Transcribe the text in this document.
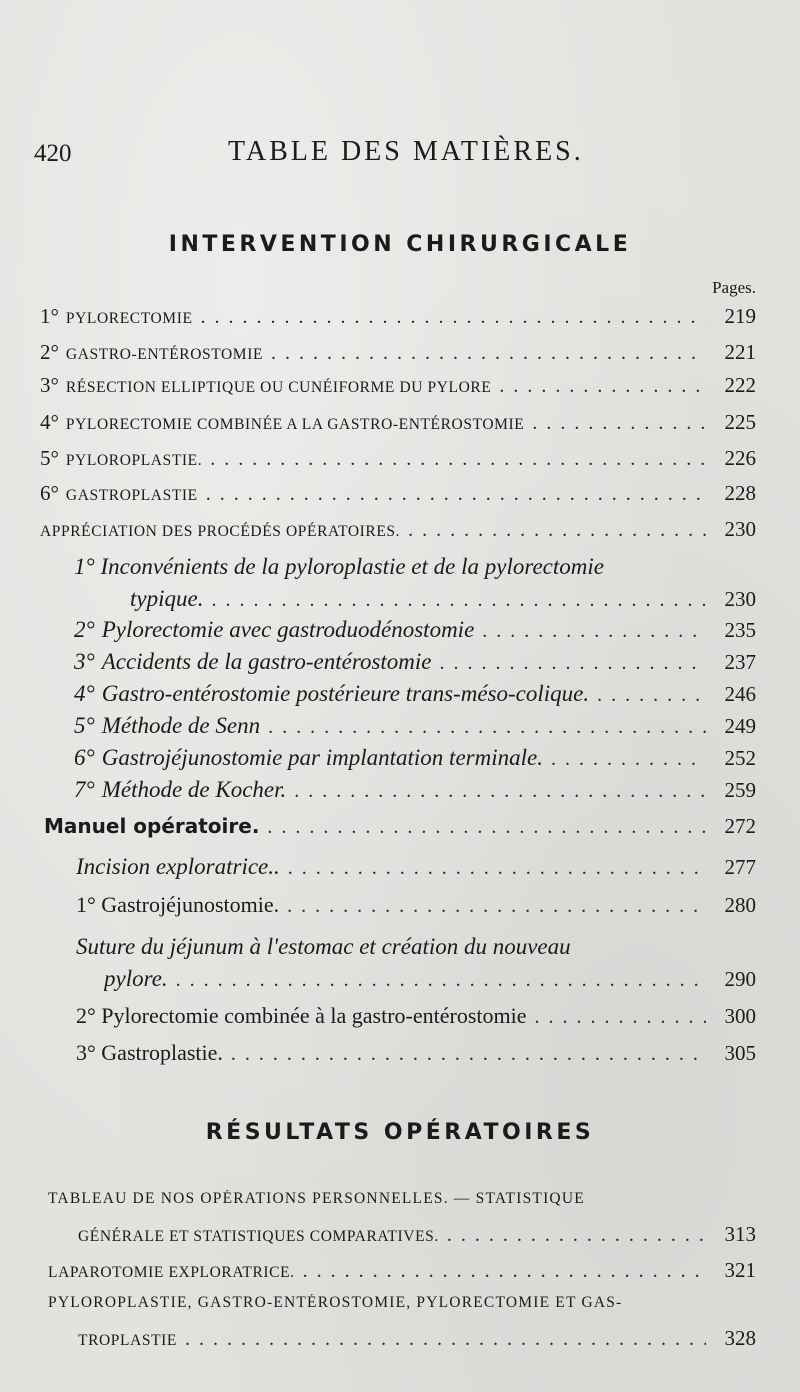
420	TABLE DES MATIÈRES.
INTERVENTION CHIRURGICALE
Pages.
1° PYLORECTOMIE . . .	219
2° GASTRO-ENTÉROSTOMIE . . .	221
3° RÉSECTION ELLIPTIQUE OU CUNÉIFORME DU PYLORE . . .	222
4° PYLORECTOMIE COMBINÉE A LA GASTRO-ENTÉROSTOMIE . . .	225
5° PYLOROPLASTIE. . . .	226
6° GASTROPLASTIE . . .	228
APPRÉCIATION DES PROCÉDÉS OPÉRATOIRES. . . .	230
1° Inconvénients de la pyloroplastie et de la pylorectomie
typique. . . .	230
2° Pylorectomie avec gastroduodénostomie . . .	235
3° Accidents de la gastro-entérostomie . . .	237
4° Gastro-entérostomie postérieure trans-méso-colique. . . .	246
5° Méthode de Senn . . .	249
6° Gastrojéjunostomie par implantation terminale. . . .	252
7° Méthode de Kocher. . . .	259
Manuel opératoire. . . .	272
Incision exploratrice.. . . .	277
1° Gastrojéjunostomie. . . .	280
Suture du jéjunum à l'estomac et création du nouveau
pylore. . . .	290
2° Pylorectomie combinée à la gastro-entérostomie . . .	300
3° Gastroplastie. . . .	305
RÉSULTATS OPÉRATOIRES
TABLEAU DE NOS OPÉRATIONS PERSONNELLES. — STATISTIQUE
GÉNÉRALE ET STATISTIQUES COMPARATIVES. . . .	313
LAPAROTOMIE EXPLORATRICE. . . .	321
PYLOROPLASTIE, GASTRO-ENTÉROSTOMIE, PYLORECTOMIE ET GAS-
TROPLASTIE . . .	328
